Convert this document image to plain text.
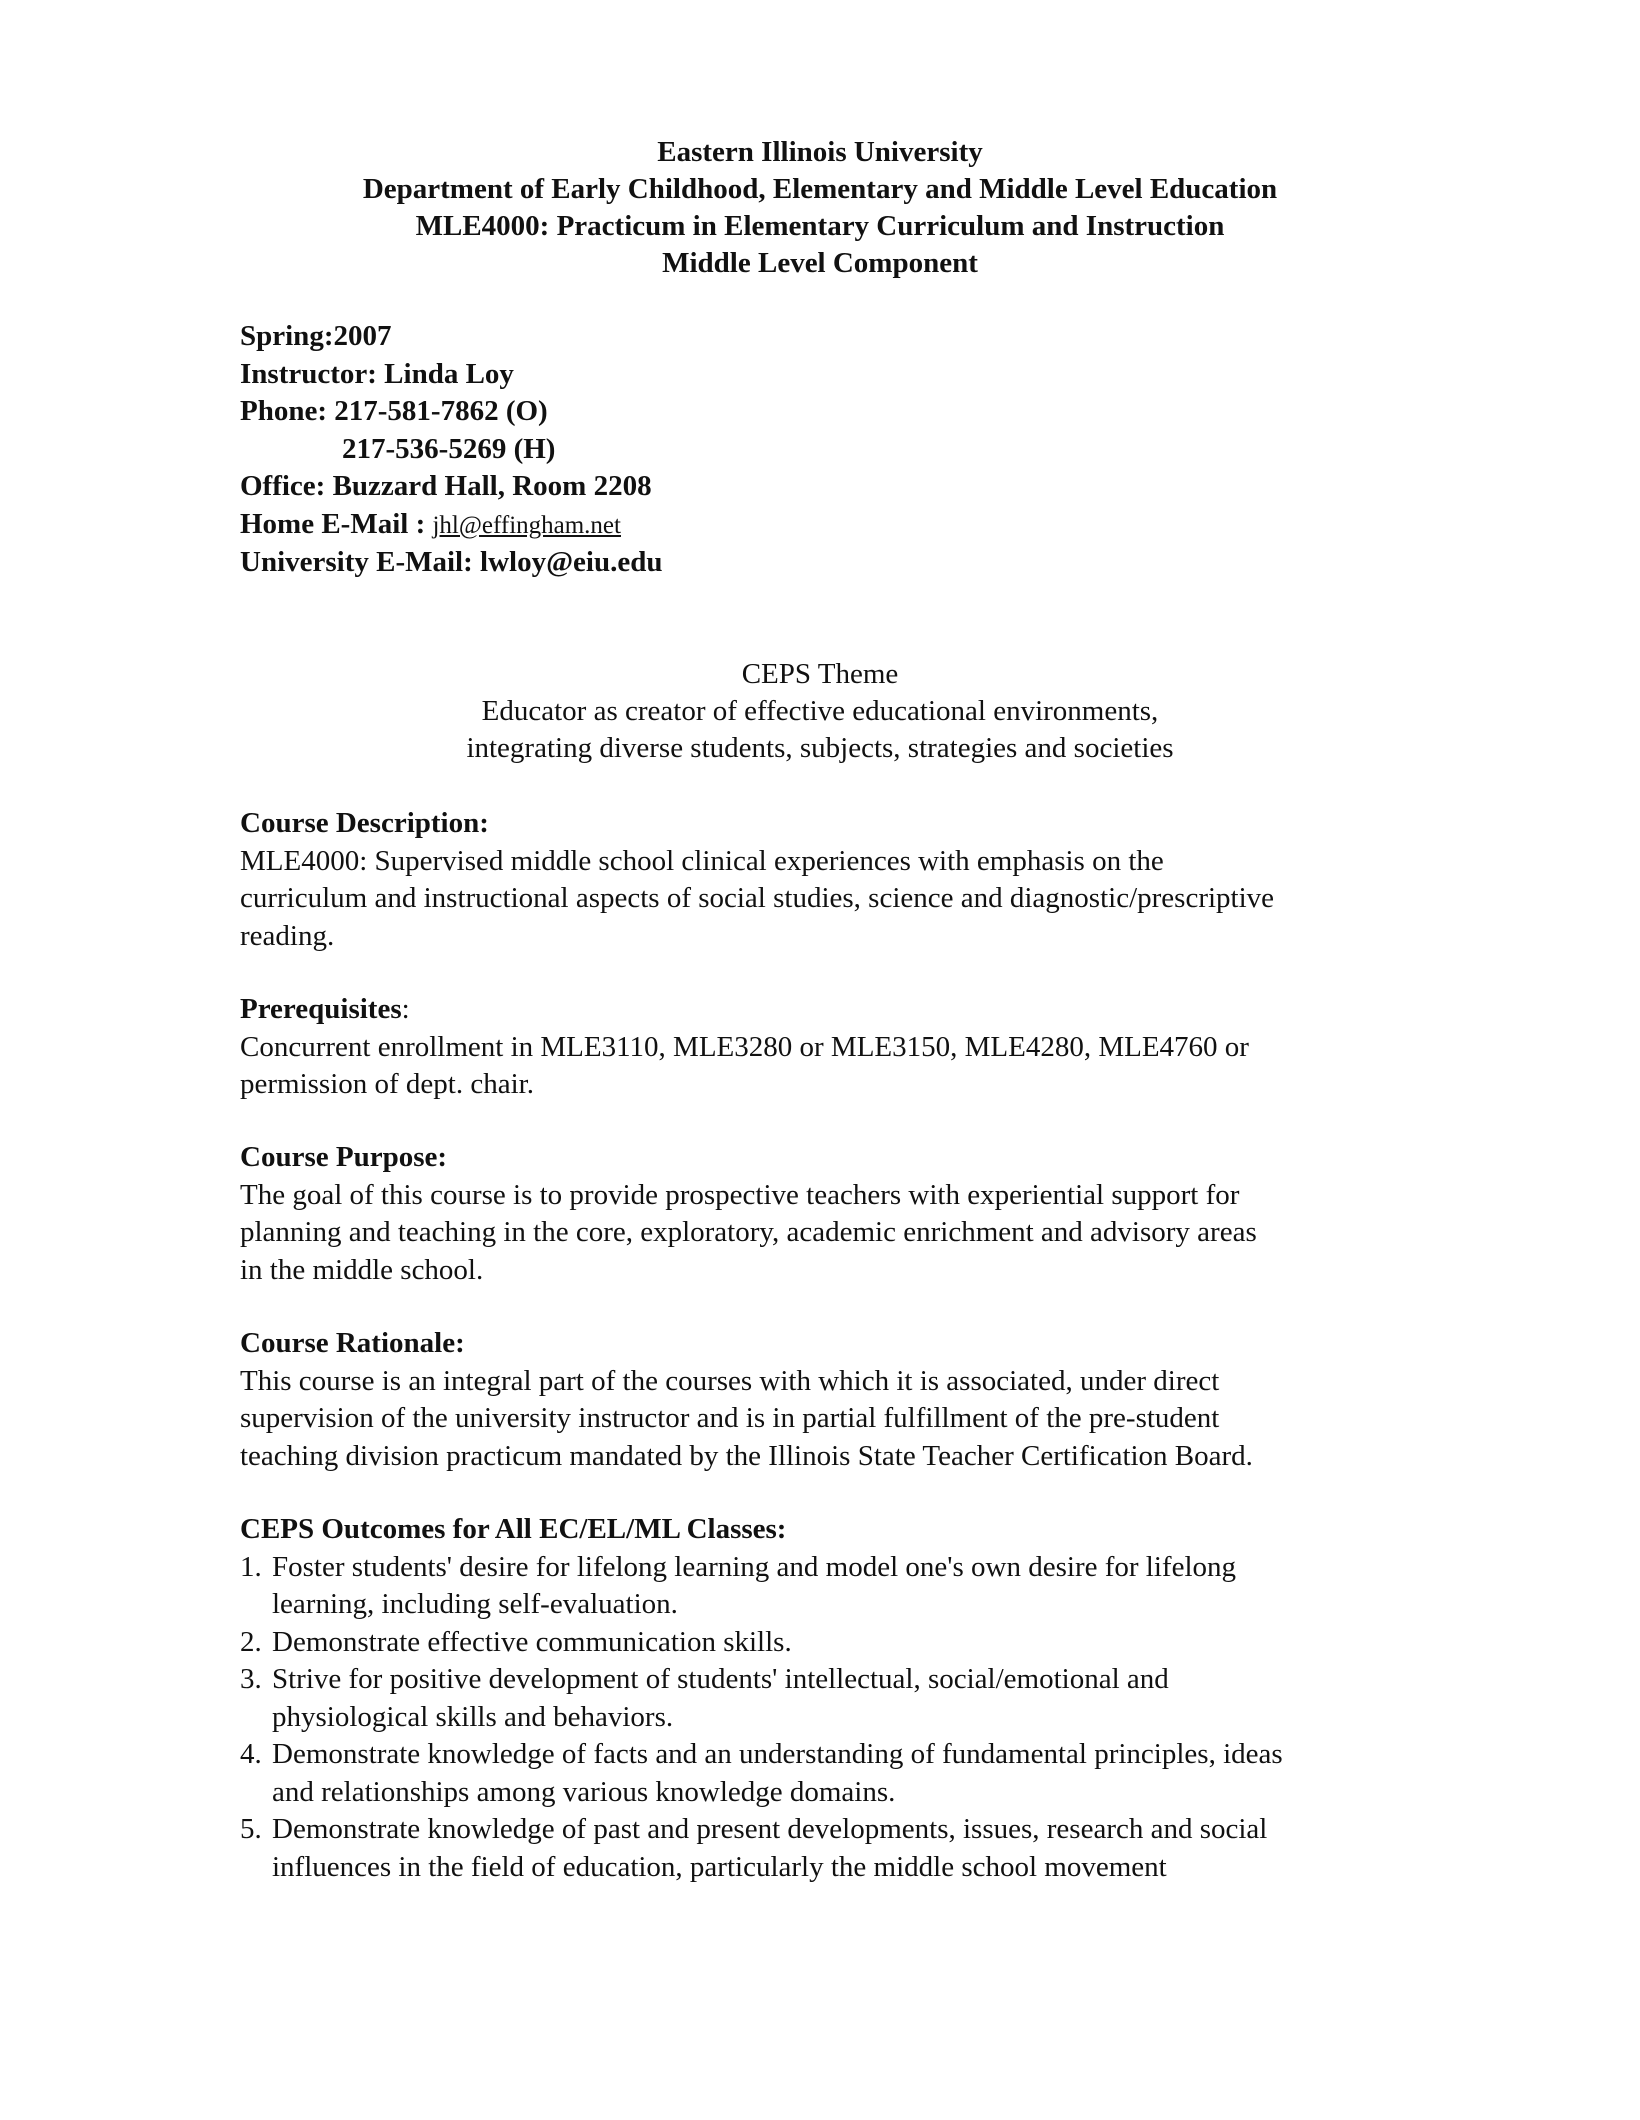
Eastern Illinois University
Department of Early Childhood, Elementary and Middle Level Education
MLE4000: Practicum in Elementary Curriculum and Instruction
Middle Level Component
Spring:2007
Instructor: Linda Loy
Phone: 217-581-7862 (O)
217-536-5269 (H)
Office: Buzzard Hall, Room 2208
Home E-Mail : jhl@effingham.net
University E-Mail: lwloy@eiu.edu
CEPS Theme
Educator as creator of effective educational environments,
integrating diverse students, subjects, strategies and societies
Course Description:
MLE4000: Supervised middle school clinical experiences with emphasis on the
curriculum and instructional aspects of social studies, science and diagnostic/prescriptive
reading.
Prerequisites:
Concurrent enrollment in MLE3110, MLE3280 or MLE3150, MLE4280, MLE4760 or
permission of dept. chair.
Course Purpose:
The goal of this course is to provide prospective teachers with experiential support for
planning and teaching in the core, exploratory, academic enrichment and advisory areas
in the middle school.
Course Rationale:
This course is an integral part of the courses with which it is associated, under direct
supervision of the university instructor and is in partial fulfillment of the pre-student
teaching division practicum mandated by the Illinois State Teacher Certification Board.
CEPS Outcomes for All EC/EL/ML Classes:
1. Foster students' desire for lifelong learning and model one's own desire for lifelong
learning, including self-evaluation.
2. Demonstrate effective communication skills.
3. Strive for positive development of students' intellectual, social/emotional and
physiological skills and behaviors.
4. Demonstrate knowledge of facts and an understanding of fundamental principles, ideas
and relationships among various knowledge domains.
5. Demonstrate knowledge of past and present developments, issues, research and social
influences in the field of education, particularly the middle school movement
